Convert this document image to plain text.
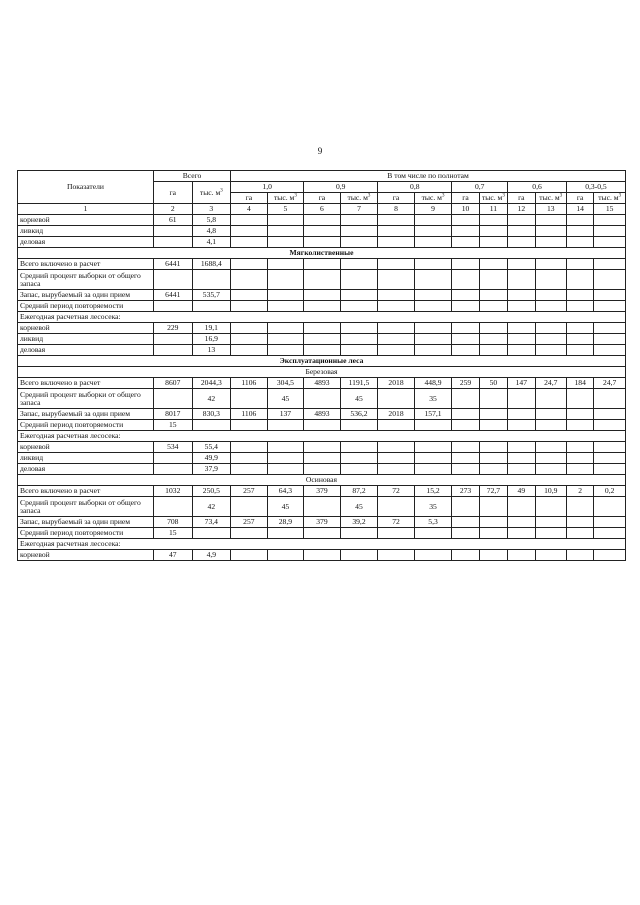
9
Показатели	Всего		В том числе по полнотам											
	га	тыс. $м^3$	1,0		0,9		0,8		0,7		0,6		0,3-0,5	
			га	тыс. $м^3$	га	тыс. $м^3$	га	тыс. $м^3$	га	тыс. $м^3$	га	тыс. $м^3$	га	тыс. $м^3$
1	2	3	4	5	6	7	8	9	10	11	12	13	14	15
корневой	61	5,8												
ливкид		4,8												
деловая		4,1												
Мягколиственные														
Всего включено в расчет	6441	1688,4												
Средний процент выборки от общего запаса														
Запас, вырубаемый за один прием	6441	535,7												
Средний период повторяемости														
Ежегодная расчетная лесосека:														
корневой	229	19,1												
ликвид		16,9												
деловая		13												
Эксплуатационные леса														
Березовая														
Всего включено в расчет	8607	2044,3	1106	304,5	4893	1191,5	2018	448,9	259	50	147	24,7	184	24,7
Средний процент выборки от общего запаса		42		45		45		35						
Запас, вырубаемый за один прием	8017	830,3	1106	137	4893	536,2	2018	157,1						
Средний период повторяемости	15													
Ежегодная расчетная лесосека:														
корневой	534	55,4												
ликвид		49,9												
деловая		37,9												
Осиновая														
Всего включено в расчет	1032	250,5	257	64,3	379	87,2	72	15,2	273	72,7	49	10,9	2	0,2
Средний процент выборки от общего запаса		42		45		45		35						
Запас, вырубаемый за один прием	708	73,4	257	28,9	379	39,2	72	5,3						
Средний период повторяемости	15													
Ежегодная расчетная лесосека:														
корневой	47	4,9												
